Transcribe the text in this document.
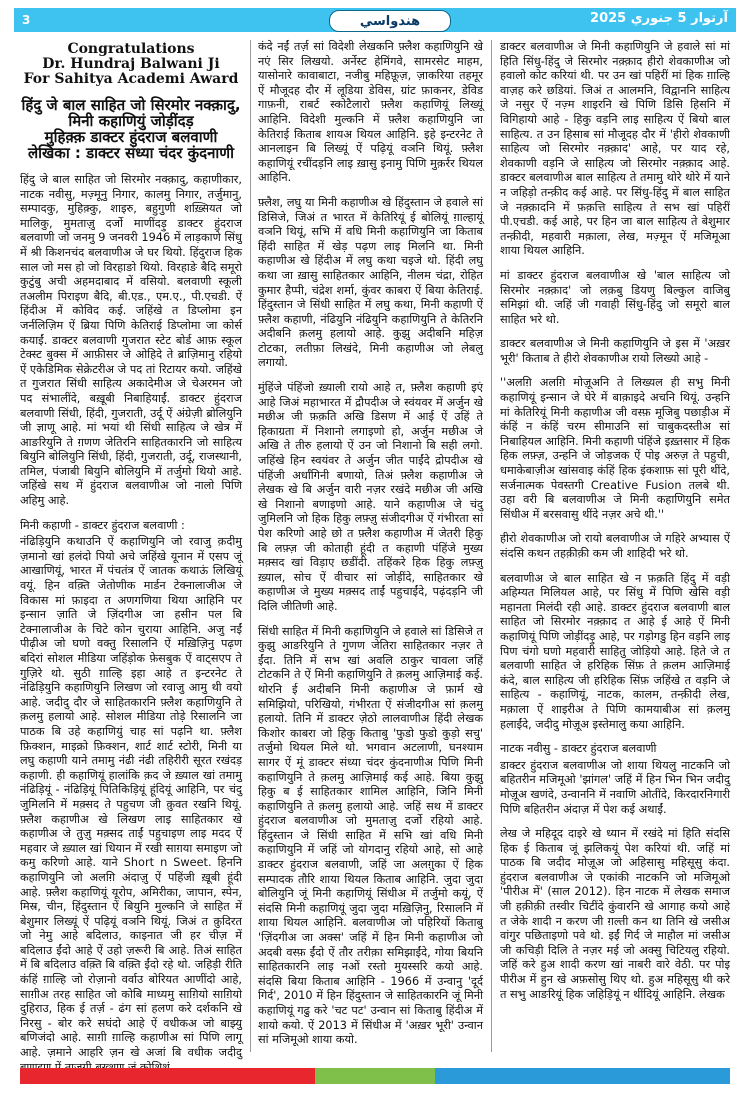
3	هندواسي	آرتوار 5 جنوري 2025
Congratulations
Dr. Hundraj Balwani Ji
For Sahitya Academi Award
हिंदु जे बाल साहित जो सिरमोर नक्क़ादु, मिनी कहाणियुं जोड़ींदड़
मुहिक़्क़ डाक्टर हुंदराज बलवाणी
लेखिका : डाक्टर संध्या चंदर कुंदनाणी

हिंदु जे बाल साहित जो सिरमोर नक्क़ादु, कहाणीकार, नाटक नवीसु, मज़्मूनु निगार, कालमु निगार, तर्जुमानु, सम्पादकु, मुहिक़्कु, शाइरु, बहुगुणी शख़्सियत जो मालिकु, मुमताज़ु दर्जो माणींदड़ु डाक्टर हुंदराज बलवाणी जो जनमु 9 जनवरी 1946 में लाड़काणे सिंधु में श्री किशनचंद बलवाणीअ जे घर थियो. हिंदुराज हिक साल जो मस हो जो विरहाङो थियो. विरहाङे बैदि समूरो कुटुंबु अची अहमदाबाद में वसियो. बलवाणी स्कूली तअलीम पिराइण बैदि, बी.एड., एम.ए., पी.एचडी. ऐं हिंदीअ में कोविद कई. जहिंखे त डिप्लोमा इन जर्नलिज़िम ऐं ब्रिया पिणि केतिराई डिप्लोमा जा कोर्स कयाईं. डाक्टर बलवाणी गुजरात स्टेट बोर्ड आफ़ स्कूल टेक्स्ट बुक्स में आफ़ीसर जे ओहिदे ते ब्राज़िमानु रहियो ऐं एकेडिमिक सेक्रेटरीअ जे पद तां रिटायर कयो. जहिंखे त गुजरात सिंधी साहित्य अकादेमीअ जे चेअरमन जो पद संभालींदे, बख़ूबी निबाहियाईं. डाक्टर हुंदराज बलवाणी सिंधी, हिंदी, गुजराती, उर्दू ऐं अंग्रेज़ी ब्रोलियुनि जी ज्ञाणू आहे. मां भयां थी सिंधी साहित्य जे खेत्र में आङरियुनि ते ग़णण जेतिरनि साहितकारनि जो साहित्य बियुनि बोलियुनि सिंधी, हिंदी, गुजराती, उर्दू, राजस्थानी, तमिल, पंजाबी बियुनि बोलियुनि में तर्जुमो थियो आहे. जहिंखे सथ में हुंदराज बलवाणीअ जो नालो पिणि अहिमु आहे.

मिनी कहाणी - डाक्टर हुंदराज बलवाणी :

नंढिड़ियुनि कथाउनि ऐं कहाणियुनि जो रवाजु क़दीमु ज़मानो खां हलंदो पियो अचे जहिंखे यूनान में एसप जूं आखाणियूं, भारत में पंचतंत्र ऐं जातक कथाऊं लिखियूं वयूं. हिन वक़्ति जेतोणीक मार्डन टेक्नालाजीअ जे विकास मां फ़ाइदा त अणगणिया थिया आहिनि पर इन्सान ज़ाति जे ज़िंदगीअ जा हसीन पल बि टेक्नालाजीअ के चिटे कोन चुराया आहिनि. अजु नईं पीढ़ीअ जो घणो वक्तु रिसालनि ऐं मख़िज़िनु पढ़ण बदिरां सोशल मीडिया जहिंड़ोक फ़ेसबुक ऐं वाट्सएप ते गुज़िरे थो. सुठी ग़ाल्हि इहा आहे त इन्टरनेट ते नंढिड़ियुनि कहाणियुनि लिखण जो रवाजु आमु थी वयो आहे. जदीदु दौर जे साहितकारनि फ़्लैश कहाणियुनि ते क़लमु हलायो आहे. सोशल मीडिया तोड़े रिसालनि जा पाठक बि उहे कहाणियुं चाह सां पढ़नि था. फ़्लैश फ़िक्शन, माइक्रो फ़िक्शन, शार्ट शार्ट स्टोरी, मिनी या लघु कहाणी याने तमामु नंढी नंढी तहिरीरी सूरत रखंदड़ कहाणी. ही कहाणियूं हालांकि क़द जे ख़्याल खां तमामु नंढिड़ियूं - नंढिड़ियूं पितिकिड़ियूं हूंदियूं आहिनि, पर चंदु जुमिलनि में मक़्सद ते पहुचण जी क़ुवत रखनि थियूं. फ़्लैश कहाणीअ खे लिखण लाइ साहितकार खे कहाणीअ जे तुज़ु मक़्सद ताईं पहुचाइण लाइ मदद ऐं महवार जे ख़्याल खां धियान में रखी साग़या समाइण जो कमु करिणो आहे. याने Short n Sweet. हिननि कहाणियुनि जो अलग़ि अंदाज़ु ऐं पहिंजी ख़ूबी हूंदी आहे. फ़्लैश कहाणियूं यूरोप, अमिरीका, जापान, स्पेन, मिस्र, चीन, हिंदुस्तान ऐं बियुनि मुल्कनि जे साहित में बेशुमार लिख्यूं ऐं पढ़ियूं वञनि थियूं. जिअं त क़ुदिरत जो नेमु आहे बदिलाउ, काइनात जी हर चीज़ में बदिलाउ ईंदो आहे ऐं उहो ज़रूरी बि आहे. तिअं साहित में बि बदिलाउ वक़्ति बि वक़्ति ईंदो रहे थो. जहिड़ी रीति कंहिं ग़ाल्हि जो रोज़ानो वर्वाउ बोरियत आणींदो आहे, साग़ीअ तरह साहित जो कोबि माध्यमु साग़ियो साग़ियो दुहिराउ, हिक ई तर्ज़ - ढंग सां हलण करे दर्शकनि खे निरसु - बोर करे सघंदो आहे ऐं वधीकअ जो बाझ्यु बणिजंदो आहे. साग़ी ग़ाल्हि कहाणीअ सां पिणि लागू आहे. ज़माने आहरि ज़न खे अजां बि वधीक जदीदु

कंदे नईं तर्ज़ सां विदेशी लेखकनि फ़्लैश कहाणियुनि खे नएं सिर लिखयो. अर्नेस्ट हेमिंगवे, सामरसेट माहम, यासोनारे कावाबाटा, नजीबु महिफ़ूज़, ज़ाकरिया तहमूर ऐं मौजूदह दौर में लूडिया डेविस, ग्रांट फ़ाकनर, डेविड गाफ़नी, राबर्ट स्कोटैलारो फ़्लैश कहाणियूं लिख्यूं आहिनि. विदेशी मुल्कनि में फ़्लैश कहाणियुनि जा केतिराई किताब शायअ थियल आहिनि. इहे इन्टरनेट ते आनलाइन बि लिख्यूं ऐं पढ़ियूं वञनि थियूं. फ़्लैश कहाणियूं रचींदड़नि लाइ ख़ासु इनामु पिणि मुक़र्रर थियल आहिनि.

फ़्लैश, लघु या मिनी कहाणीअ खे हिंदुस्तान जे हवाले सां डिसिजे, जिअं त भारत में केतिरियूं ई बोलियूं ग़ाल्हायूं वञनि थियूं, सभि में वधि मिनी कहाणियुनि जा किताब हिंदी साहित में खेड़ पढ़ण लाइ मिलनि था. मिनी कहाणीअ खे हिंदीअ में लघु कथा चइजे थो. हिंदी लघु कथा जा ख़ासु साहितकार आहिनि, नीलम चंद्रा, रोहित कुमार हैप्पी, चंद्रेश शर्मा, कुंवर काबरा ऐं बिया केतिराई. हिंदुस्तान जे सिंधी साहित में लघु कथा, मिनी कहाणी ऐं फ़्लैश कहाणी, नंढियुनि नंढियुनि कहाणियुनि ते केतिरनि अदीबनि क़लमु हलायो आहे. कुझु अदीबनि महिज़ टोटका, लतीफ़ा लिखंदे, मिनी कहाणीअ जो लेबलु लगायो.

मुंहिंजे पंहिंजो ख़्याली रायो आहे त, फ़्लैश कहाणी इएं आहे जिअं महाभारत में द्रौपदीअ जे स्वंयवर में अर्जुन खे मछीअ जी फ़क़ति अखि डिसण में आई ऐं उहिं ते हिकाग्रता में निशानो लगाइणो हो, अर्जुन मछीअ जे अखि ते तीरु हलायो ऐं उन जो निशानो बि सही लगो. जहिंखे हिन स्वयंवर ते अर्जुन जीत पाईंदे द्रोपदीअ खे पंहिंजी अर्धांगिनी बणायो, तिअं फ़्लैश कहाणीअ जे लेखक खे बि अर्जुन वारी नज़र रखंदे मछीअ जी अखि खे निशानो बणाइणो आहे. याने कहाणीअ जे चंदु जुमिलनि जो हिक हिकु लफ़्ज़ु संजीदगीअ ऐं गंभीरता सां पेश करिणो आहे छो त फ़्लैश कहाणीअ में जेतरी हिकु बि लफ़्ज़ जी कोताही हूंदी त कहाणी पंहिंजे मुख्य मक़्सद खां विड़ाए छडींदी. तहिंकरे हिक हिकु लफ़्ज़ु ख़्याल, सोच ऐं वीचार सां जोड़ींदे, साहितकार खे कहाणीअ जे मुख्य मक़्सद ताईं पहुचाईंदे, पढ़ंदड़नि जी दिलि जीतिणी आहे.

सिंधी साहित में मिनी कहाणियुनि जे हवाले सां डिसिजे त कुझु आङरियुनि ते गुणण जेतिरा साहितकार नज़र ते ईंदा. तिनि में सभ खां अवलि ठाकुर चावला जहिं टोटकनि ते ऐं मिनी कहाणियुनि ते क़लमु आज़िमाई कई. थोरनि ई अदीबनि मिनी कहाणीअ जे फ़ार्म खे समिझियो, परिखियो, गंभीरता ऐं संजीदगीअ सां क़लमु हलायो. तिनि में डाक्टर ज़ेठो लालवाणीअ हिंदी लेखक किशोर काबरा जो हिकु किताबु 'फुडो फुडो कुड़ो सचु' तर्जुमो थियल मिले थो. भगवान अटलाणी, घनश्याम सागर ऐं मूं डाक्टर संध्या चंदर कुंदनाणीअ पिणि मिनी कहाणियुनि ते क़लमु आज़िमाई कई आहे. बिया कुझु हिकु ब ई साहितकार शामिल आहिनि, जिनि मिनी कहाणियुनि ते क़लमु हलायो आहे. जहिं सथ में डाक्टर हुंदराज बलवाणीअ जो मुमताज़ु दर्जो रहियो आहे. हिंदुस्तान जे सिंधी साहित में सभि खां वधि मिनी कहाणियुनि में जहिं जो योगदानु रहियो आहे, सो आहे डाक्टर हुंदराज बलवाणी, जहिं जा अलग़ुका ऐं हिक सम्पादक तौरि शाया थियल किताब आहिनि. जुदा जुदा बोलियुनि जूं मिनी कहाणियूं सिंधीअ में तर्जुमो कयूं, ऐं संदसि मिनी कहाणियूं जुदा जुदा मख़िज़िनु, रिसालनि में शाया थियल आहिनि. बलवाणीअ जो पहिरियों किताबु 'ज़िंदगीअ जा अक्स' जहिं में हिन मिनी कहाणीअ जो अदबी वस्फ़ ईंदो ऐं तौर तरीक़ा समिझाईंदे, गोया बियनि साहितकारनि लाइ नओं रस्तो मुयस्सरि कयो आहे. संदसि बिया किताब आहिनि - 1966 में उन्वानु 'दूर्द गिर्द', 2010 में हिन हिंदुस्तान जे साहितकारनि जूं मिनी कहाणियूं गढु करे 'चट पट' उन्वान सां किताबु हिंदीअ में शायो कयो. ऐं 2013 में सिंधीअ में 'अख़र भूरी' उन्वान सां मजिमूओ शाया कयो.

डाक्टर बलवाणीअ जे मिनी कहाणियुनि जे हवाले सां मां हिति सिंधु-हिंदु जे सिरमोर नक़्क़ाद हीरो शेवकाणीअ जो हवालो कोट करियां थी. पर उन खां पहिरीं मां हिक ग़ाल्हि वाज़ह करे छडियां. जिअं त आलमनि, विद्वाननि साहित्य जे नसुर ऐं नज़्म शाइरनि खे पिणि डिसि हिसनि में विगिहायो आहे - हिकु वड़नि लाइ साहित्य ऐं बियो बाल साहित्य. त उन हिसाब सां मौजूदह दौर में 'हीरो शेवकाणी साहित्य जो सिरमोर नक़्क़ाद' आहे, पर याद रहे, शेवकाणी वड़नि जे साहित्य जो सिरमोर नक़्क़ाद आहे. डाक्टर बलवाणीअ बाल साहित्य ते तमामु थोरे थोरे में याने न जहिड़ो तन्क़ीद कई आहे. पर सिंधु-हिंदु में बाल साहित जे नक़्क़ादनि में फ़क़त्ति साहित्य ते सभ खां पहिरीं पी.एचडी. कई आहे, पर हिन जा बाल साहित्य ते बेशुमार तन्क़ीदी, महवारी मक़ाला, लेख, मज़्मून ऐं मजिमूआ शाया थियल आहिनि.

मां डाक्टर हुंदराज बलवाणीअ खे 'बाल साहित्य जो सिरमोर नक़्क़ाद' जो लक़बु डियणु बिल्कुल वाजिबु समिझां थी. जहिं जी गवाही सिंधु-हिंदु जो समूरो बाल साहित भरे थो.

डाक्टर बलवाणीअ जे मिनी कहाणियुनि जे इस में 'अख़र भूरी' किताब ते हीरो शेवकाणीअ रायो लिख्यो आहे -

''अलग़ि अलग़ि मोज़ूअनि ते लिख्यल ही सभु मिनी कहाणियूं इन्सान जे घेरे में बाक़ाइदे अचनि थियूं. उन्हनि मां केतिरियूं मिनी कहाणीअ जी वस्फ़ मूजिबु पछाड़ीअ में कंहिं न कंहिं चरम सीमाउनि सां चाबुकदस्तीअ सां निबाहियल आहिनि. मिनी कहाणी पंहिंजे इख़्तसार में हिक हिक लफ़्ज़, उन्हनि जे जोड़जक ऐं पोइ अरुज़ ते पहुची, धमाकेबाज़ीअ खांसवाइ कंहिं हिक इंकशाफ़ सां पूरी थींदे, सर्जनात्मक पेवस्तगी Creative Fusion तलबे थी. उहा वरी बि बलवाणीअ जे मिनी कहाणियुनि समेत सिंधीअ में बरसवासु थींदे नज़र अचे थी.''

हीरो शेवकाणीअ जो रायो बलवाणीअ जे गहिरे अभ्यास ऐं संदसि कथन तहक़ीक़ी कम जी शाहिदी भरे थो.

बलवाणीअ जे बाल साहित खे न फ़क़ति हिंदु में वड़ी अहिम्यत मिलियल आहे, पर सिंधु में पिणि खेसि वड़ी महानता मिलंदी रही आहे. डाक्टर हुंदराज बलवाणी बाल साहित जो सिरमोर नक़्क़ाद त आहे ई आहे ऐं मिनी कहाणियूं पिणि जोड़ींदड़ु आहे, पर गड़ोगडु हिन वड़नि लाइ पिण चंगो घणो महवारी साहितु जोड़ियो आहे. हिते जे त बलवाणी साहित जे हरिहिक सिंफ़ ते क़लम आज़िमाई कंदे, बाल साहित्य जी हरिहिक सिंफ़ जहिंखे त वड़नि जे साहित्य - कहाणियूं, नाटक, कालम, तन्क़ीदी लेख, मक़ाला ऐं शाइरीअ ते पिणि कामयाबीअ सां क़लमु हलाईंदे, जदीदु मोज़ूअ इस्तेमालु कया आहिनि.

नाटक नवीसु - डाक्टर हुंदराज बलवाणी

डाक्टर हुंदराज बलवाणीअ जो शाया थियलु नाटकनि जो बहितरीन मजिमूओ 'झांगल' जहिं में हिन भिन भिन जदीदु मोज़ूअ खणंदे, उन्वाननि में नवाणि ओतींदे, किरदारनिगारी पिणि बहितरीन अंदाज़ में पेश कई अथाईं.

लेख जे महिदूद दाइरे खे ध्यान में रखंदे मां हिति संदसि हिक ई किताब जूं झलिकयूं पेश करियां थी. जहिं मां पाठक बि जदीद मोज़ूअ जो अहिसासु महिसूसु कंदा. हुंदराज बलवाणीअ जे एकांकी नाटकनि जो मजिमूओ 'पीरीअ में' (साल 2012). हिन नाटक में लेखक समाज जी हक़ीक़ी तस्वीर चिटींदे कुंवारनि खे आगाह कयो आहे त जेके शादी न करण जी ग़ल्ती कन था तिनि खे जसीअ वांगुर पछिताइणो पवे थो. इईं गिर्द जे माहौल मां जसीअ जी कचिड़ी दिलि ते नज़र मई जो अक्सु चिटियलु रहियो. जहिं करे हुअ शादी करण खां नाबरी वारे वेठी. पर पोइ पीरीअ में हुन खे अफ़सोसु थिए थो. हुअ महिसूसु थी करे त सभु आङरियूं हिक जहिड़ियूं न थींदियूं आहिनि. लेखक
